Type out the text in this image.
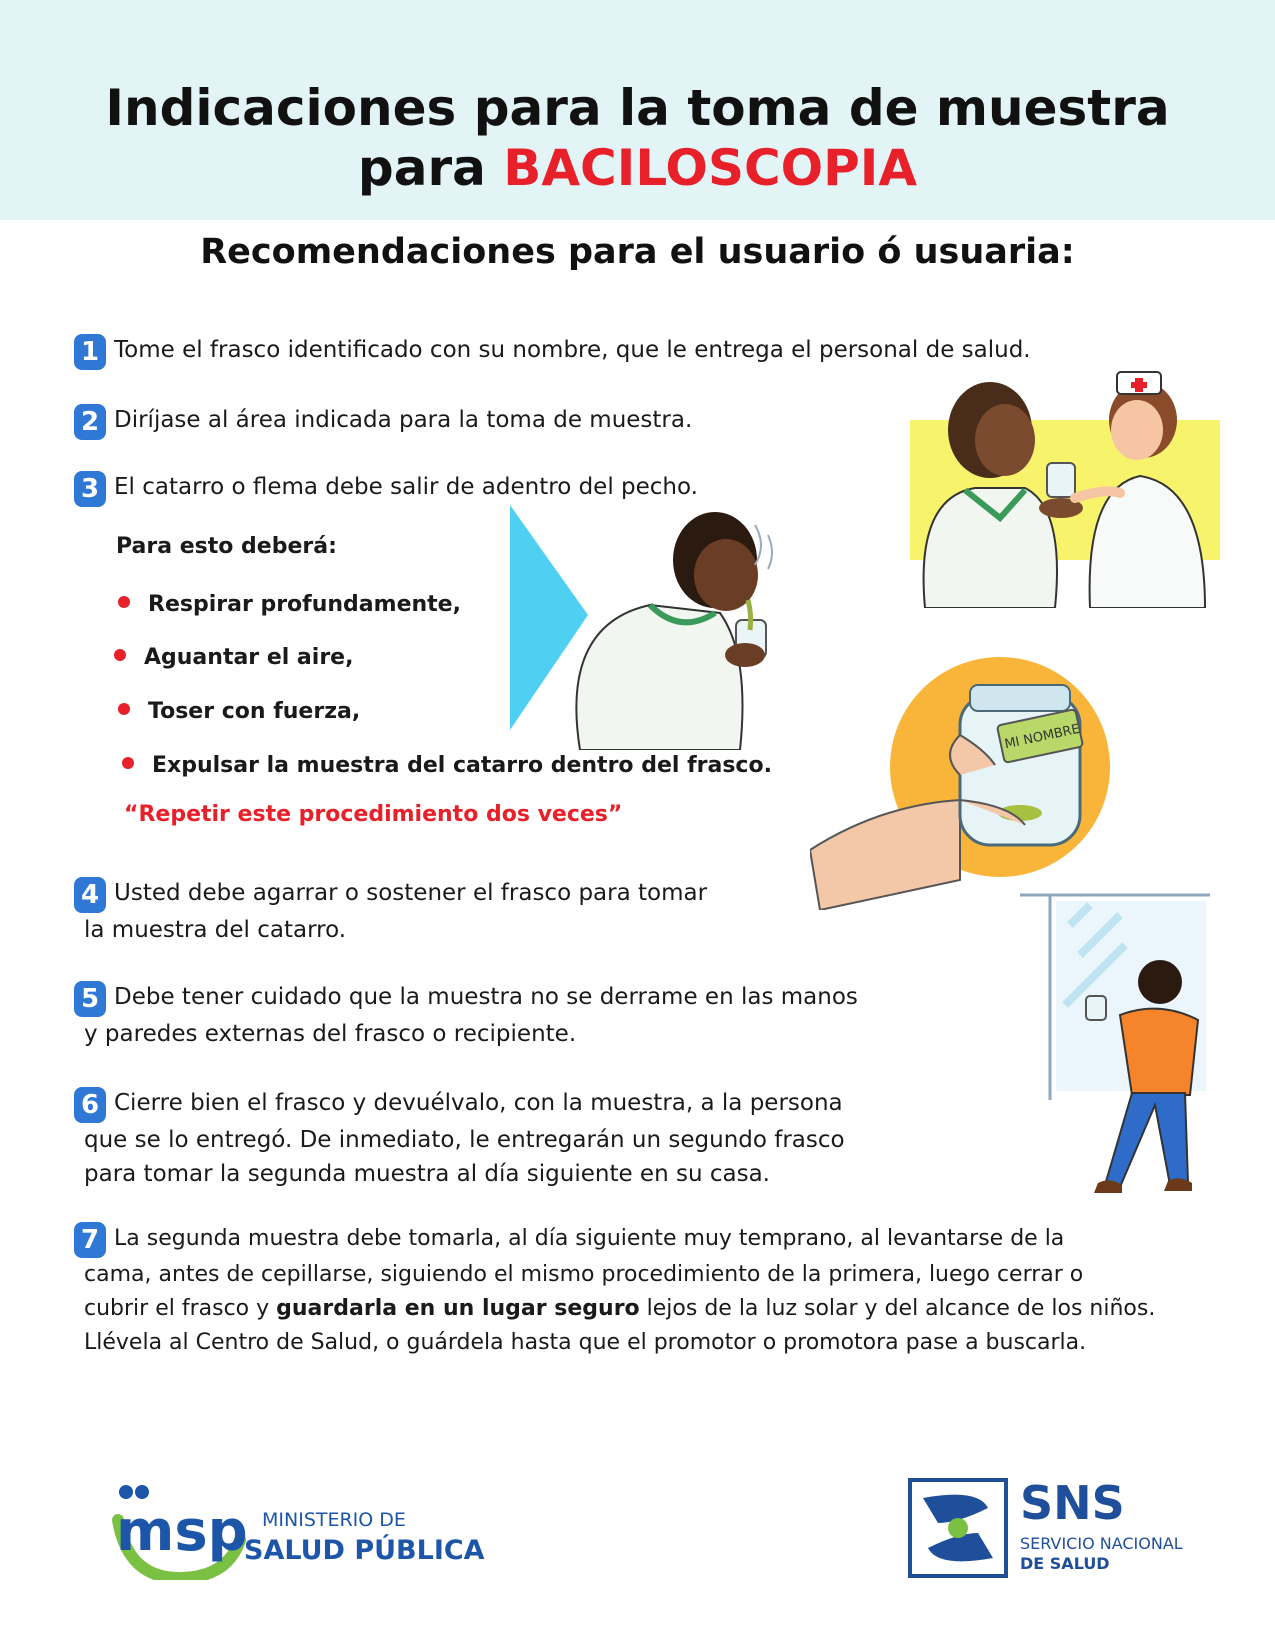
Indicaciones para la toma de muestra
para BACILOSCOPIA
Recomendaciones para el usuario ó usuaria:
1 Tome el frasco identificado con su nombre, que le entrega el personal de salud.
2 Diríjase al área indicada para la toma de muestra.
3 El catarro o flema debe salir de adentro del pecho.
Para esto deberá:
Respirar profundamente,
Aguantar el aire,
Toser con fuerza,
Expulsar la muestra del catarro dentro del frasco.
“Repetir este procedimiento dos veces”
4 Usted debe agarrar o sostener el frasco para tomar
la muestra del catarro.
5 Debe tener cuidado que la muestra no se derrame en las manos
y paredes externas del frasco o recipiente.
6 Cierre bien el frasco y devuélvalo, con la muestra, a la persona
que se lo entregó. De inmediato, le entregarán un segundo frasco
para tomar la segunda muestra al día siguiente en su casa.
7 La segunda muestra debe tomarla, al día siguiente muy temprano, al levantarse de la
cama, antes de cepillarse, siguiendo el mismo procedimiento de la primera, luego cerrar o
cubrir el frasco y guardarla en un lugar seguro lejos de la luz solar y del alcance de los niños.
Llévela al Centro de Salud, o guárdela hasta que el promotor o promotora pase a buscarla.
MI NOMBRE
msp MINISTERIO DE
SALUD PÚBLICA
SNS
SERVICIO NACIONAL
DE SALUD
